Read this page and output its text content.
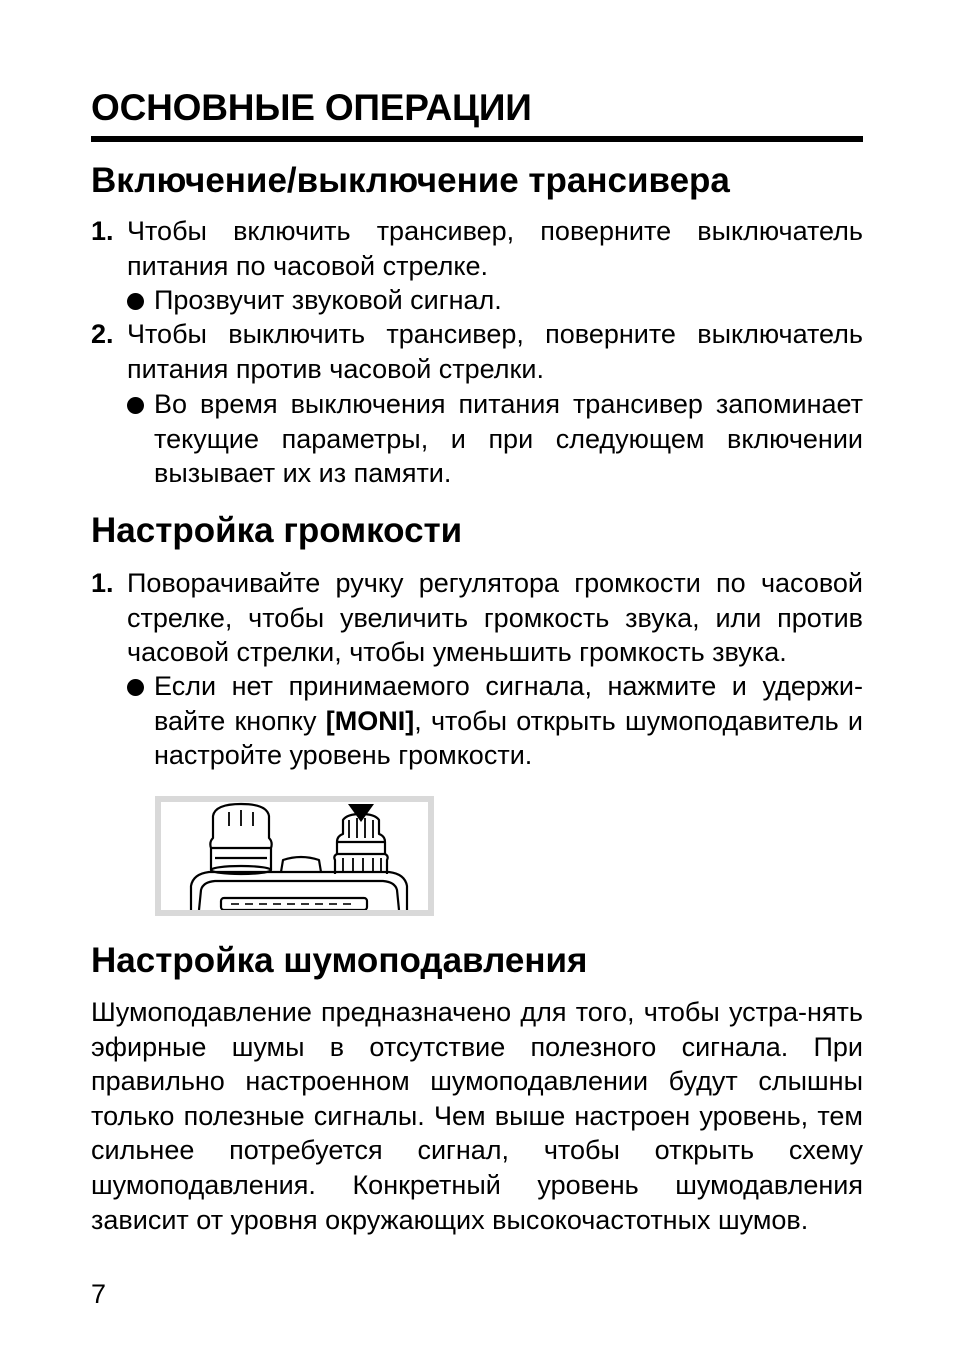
ОСНОВНЫЕ ОПЕРАЦИИ
Включение/выключение трансивера
1. Чтобы включить трансивер, поверните выключатель питания по часовой стрелке.

Прозвучит звуковой сигнал.

2. Чтобы выключить трансивер, поверните выключатель питания против часовой стрелки.

Во время выключения питания трансивер запоминает текущие параметры, и при следующем включении вызывает их из памяти.

Настройка громкости
1. Поворачивайте ручку регулятора громкости по часовой стрелке, чтобы увеличить громкость звука, или против часовой стрелки, чтобы уменьшить громкость звука.

Если нет принимаемого сигнала, нажмите и удержи-вайте кнопку [MONI], чтобы открыть шумоподавитель и настройте уровень громкости.

Настройка шумоподавления

Шумоподавление предназначено для того, чтобы устра-нять эфирные шумы в отсутствие полезного сигнала. При правильно настроенном шумоподавлении будут слышны только полезные сигналы. Чем выше настроен уровень, тем сильнее потребуется сигнал, чтобы открыть схему шумоподавления. Конкретный уровень шумодавления зависит от уровня окружающих высокочастотных шумов.

7
